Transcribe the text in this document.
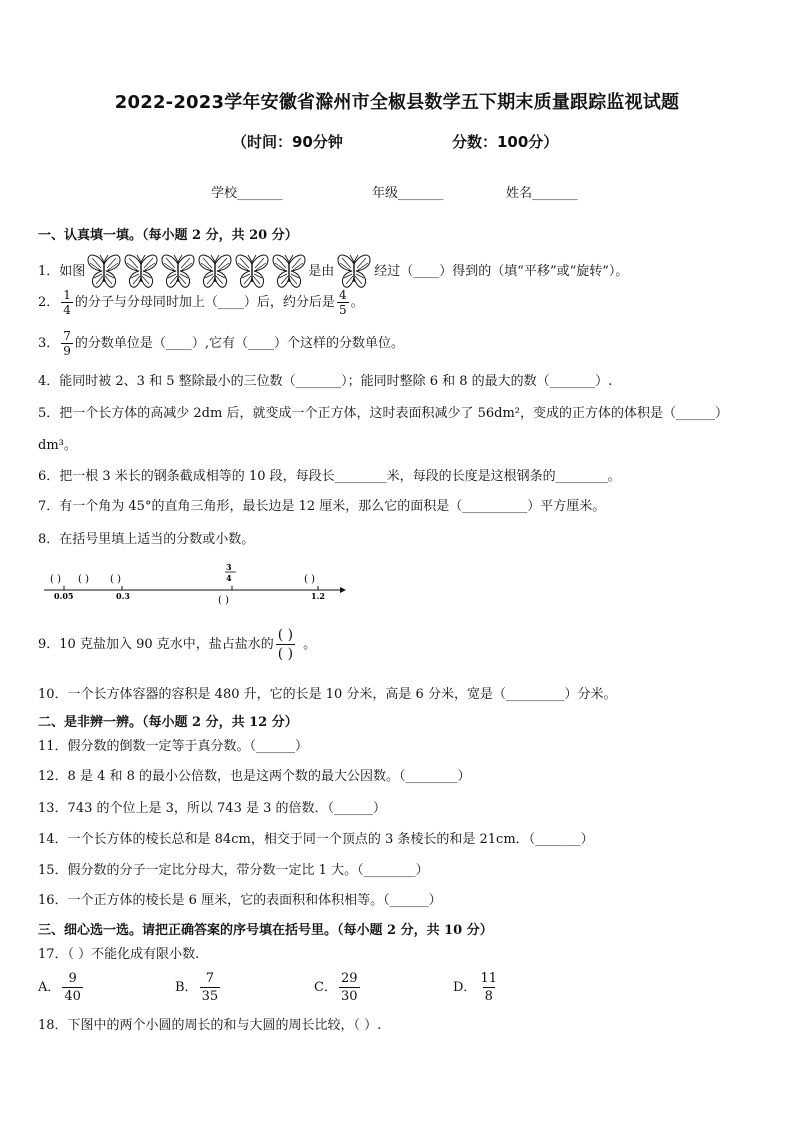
2022-2023学年安徽省滁州市全椒县数学五下期末质量跟踪监视试题
（时间：90分钟	分数：100分）
学校_______	年级_______	姓名_______
一、认真填一填。（每小题 2 分，共 20 分）
1．如图	是由	经过（____）得到的（填“平移”或“旋转”）。
2． $\frac{1}{4}$ 的分子与分母同时加上（____）后，约分后是 $\frac{4}{5}$ 。
3． $\frac{7}{9}$ 的分数单位是（____）,它有（____）个这样的分数单位。
4．能同时被 2、3 和 5 整除最小的三位数（_______）；能同时整除 6 和 8 的最大的数（_______）.
5．把一个长方体的高减少 2dm 后，就变成一个正方体，这时表面积减少了 56dm²，变成的正方体的体积是（______）
dm³。
6．把一根 3 米长的钢条截成相等的 10 段，每段长________米，每段的长度是这根钢条的________。
7．有一个角为 45°的直角三角形，最长边是 12 厘米，那么它的面积是（__________）平方厘米。
8．在括号里填上适当的分数或小数。
( ) ( ) ( )	( )
3
4
( )
0.05	0.3	1.2
9．10 克盐加入 90 克水中，盐占盐水的 $\frac{( )}{( )}$ 。
10．一个长方体容器的容积是 480 升，它的长是 10 分米，高是 6 分米，宽是（_________）分米。
二、是非辨一辨。（每小题 2 分，共 12 分）
11．假分数的倒数一定等于真分数。（______）
12．8 是 4 和 8 的最小公倍数，也是这两个数的最大公因数。（________）
13．743 的个位上是 3，所以 743 是 3 的倍数．（______）
14．一个长方体的棱长总和是 84cm，相交于同一个顶点的 3 条棱长的和是 21cm．（_______）
15．假分数的分子一定比分母大，带分数一定比 1 大。（________）
16．一个正方体的棱长是 6 厘米，它的表面积和体积相等。（______）
三、细心选一选。请把正确答案的序号填在括号里。（每小题 2 分，共 10 分）
17．（ ）不能化成有限小数.
A． $\frac{9}{40}$	B． $\frac{7}{35}$	C． $\frac{29}{30}$	D． $\frac{11}{8}$
18．下图中的两个小圆的周长的和与大圆的周长比较，（ ）.
